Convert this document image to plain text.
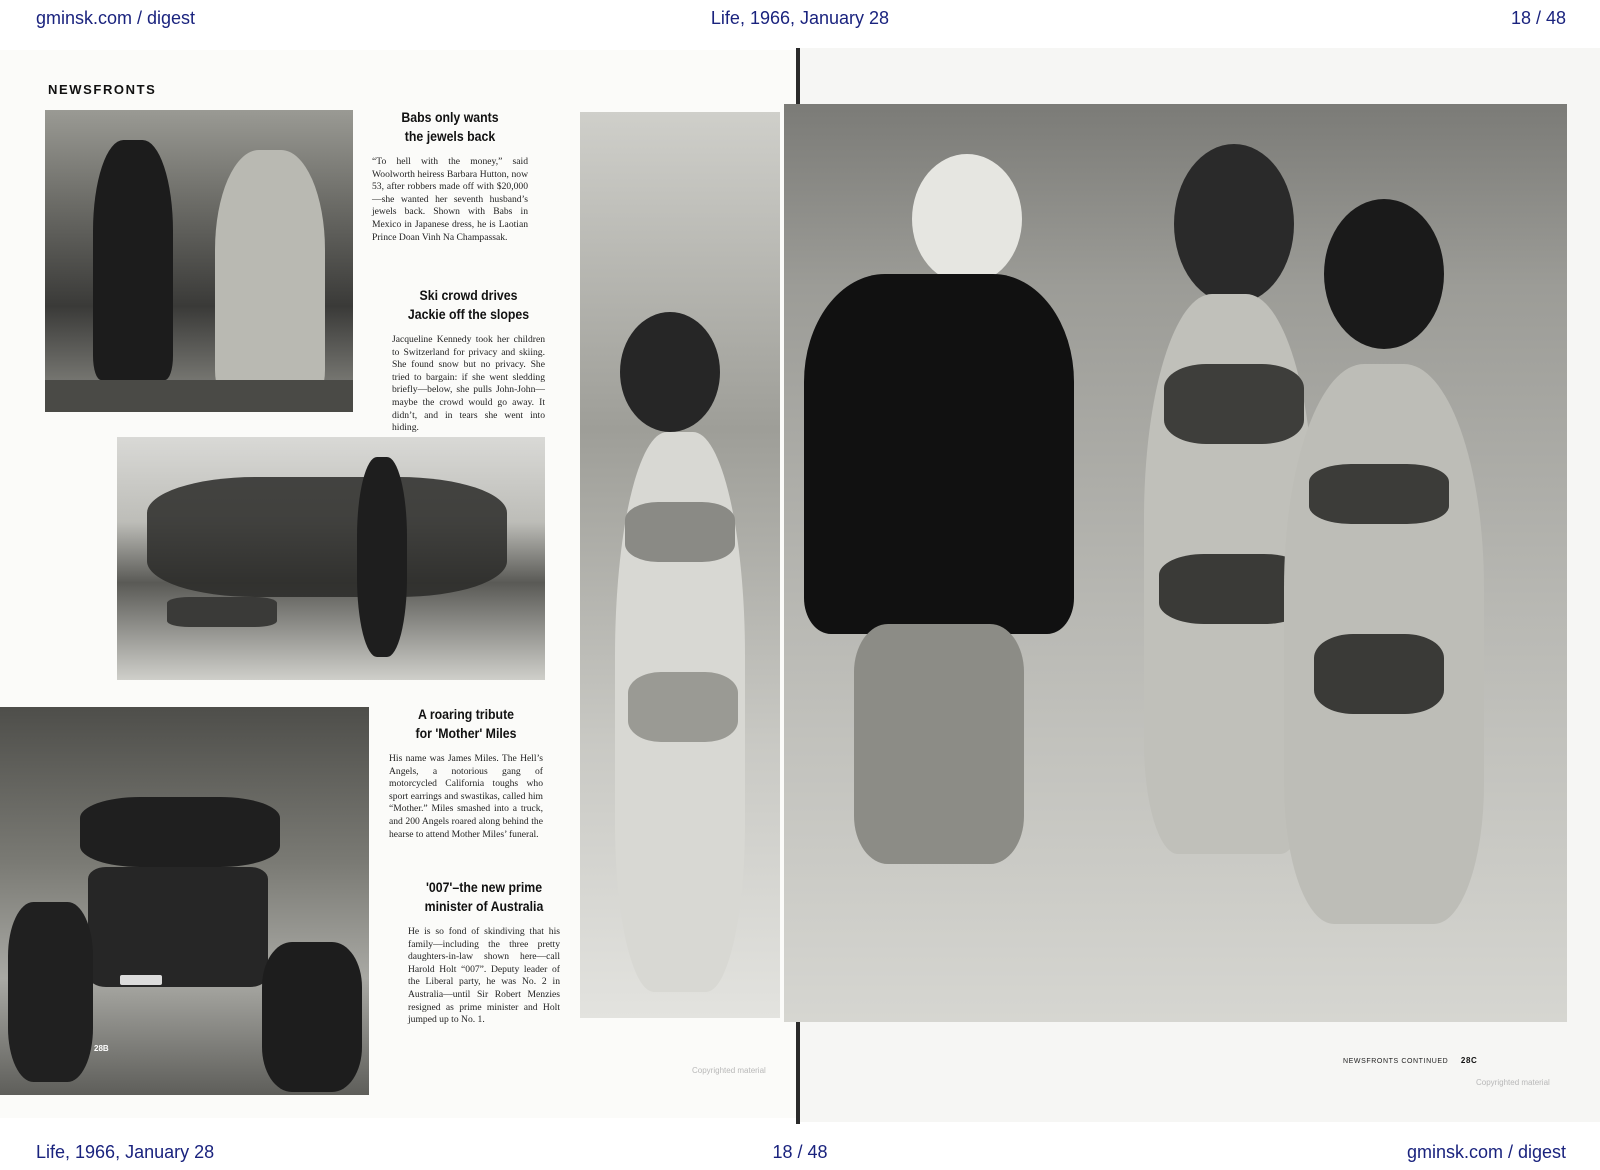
gminsk.com / digest	Life, 1966, January 28	18 / 48
NEWSFRONTS
Babs only wants
the jewels back

“To hell with the money,” said Woolworth heiress Barbara Hutton, now 53, after robbers made off with $20,000—she wanted her seventh husband’s jewels back. Shown with Babs in Mexico in Japanese dress, he is Laotian Prince Doan Vinh Na Champassak.

Ski crowd drives
Jackie off the slopes

Jacqueline Kennedy took her children to Switzerland for privacy and skiing. She found snow but no privacy. She tried to bargain: if she went sledding briefly—below, she pulls John-John—maybe the crowd would go away. It didn’t, and in tears she went into hiding.

28B
A roaring tribute
for 'Mother' Miles

His name was James Miles. The Hell’s Angels, a notorious gang of motorcycled California toughs who sport earrings and swastikas, called him “Mother.” Miles smashed into a truck, and 200 Angels roared along behind the hearse to attend Mother Miles’ funeral.

'007'–the new prime
minister of Australia

He is so fond of skindiving that his family—including the three pretty daughters-in-law shown here—call Harold Holt “007”. Deputy leader of the Liberal party, he was No. 2 in Australia—until Sir Robert Menzies resigned as prime minister and Holt jumped up to No. 1.

Copyrighted material
NEWSFRONTS CONTINUED 28C
Copyrighted material
Life, 1966, January 28	18 / 48	gminsk.com / digest
